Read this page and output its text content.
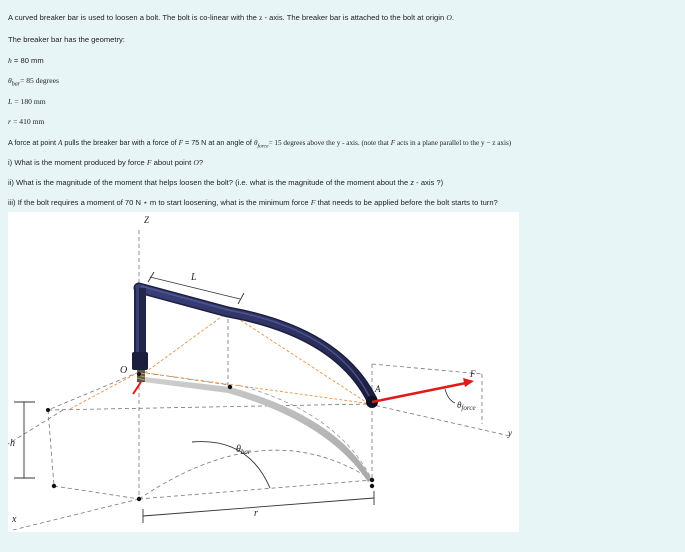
A curved breaker bar is used to loosen a bolt. The bolt is co-linear with the z - axis. The breaker bar is attached to the bolt at origin O.
The breaker bar has the geometry:
h = 80 mm
$\theta_{bar}= 85$ degrees
L = 180 mm
r = 410 mm
A force at point A pulls the breaker bar with a force of F = 75 N at an angle of $\theta_{force}= 15$ degrees above the y - axis. (note that F acts in a plane parallel to the y − z axis)
i) What is the moment produced by force F about point O?
ii) What is the magnitude of the moment that helps loosen the bolt? (i.e. what is the magnitude of the moment about the z - axis ?)
iii) If the bolt requires a moment of 70 N ⋆ m to start loosening, what is the minimum force F that needs to be applied before the bolt starts to turn?
Z
L
O
A
F
$\theta_{force}$
y
h
$\theta_{bar}$
r
x
